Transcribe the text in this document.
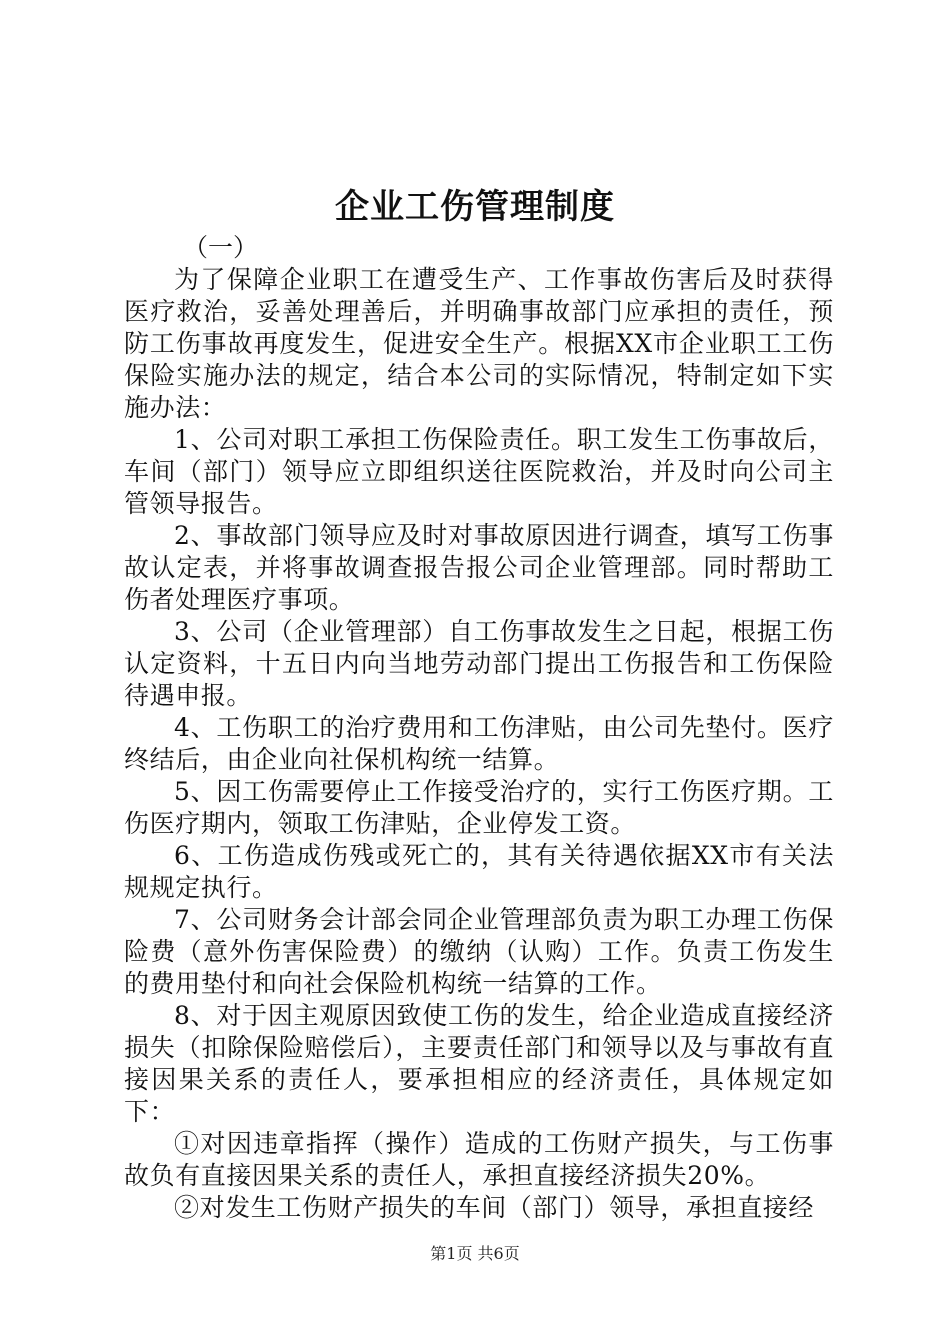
企业工伤管理制度
（一）

为了保障企业职工在遭受生产、工作事故伤害后及时获得医疗救治，妥善处理善后，并明确事故部门应承担的责任，预防工伤事故再度发生，促进安全生产。根据XX市企业职工工伤保险实施办法的规定，结合本公司的实际情况，特制定如下实施办法：

1、公司对职工承担工伤保险责任。职工发生工伤事故后，车间（部门）领导应立即组织送往医院救治，并及时向公司主管领导报告。

2、事故部门领导应及时对事故原因进行调查，填写工伤事故认定表，并将事故调查报告报公司企业管理部。同时帮助工伤者处理医疗事项。

3、公司（企业管理部）自工伤事故发生之日起，根据工伤认定资料，十五日内向当地劳动部门提出工伤报告和工伤保险待遇申报。

4、工伤职工的治疗费用和工伤津贴，由公司先垫付。医疗终结后，由企业向社保机构统一结算。

5、因工伤需要停止工作接受治疗的，实行工伤医疗期。工伤医疗期内，领取工伤津贴，企业停发工资。

6、工伤造成伤残或死亡的，其有关待遇依据XX市有关法规规定执行。

7、公司财务会计部会同企业管理部负责为职工办理工伤保险费（意外伤害保险费）的缴纳（认购）工作。负责工伤发生的费用垫付和向社会保险机构统一结算的工作。

8、对于因主观原因致使工伤的发生，给企业造成直接经济损失（扣除保险赔偿后），主要责任部门和领导以及与事故有直接因果关系的责任人，要承担相应的经济责任，具体规定如下：

①对因违章指挥（操作）造成的工伤财产损失，与工伤事故负有直接因果关系的责任人，承担直接经济损失20%。

②对发生工伤财产损失的车间（部门）领导，承担直接经

第1页 共6页
